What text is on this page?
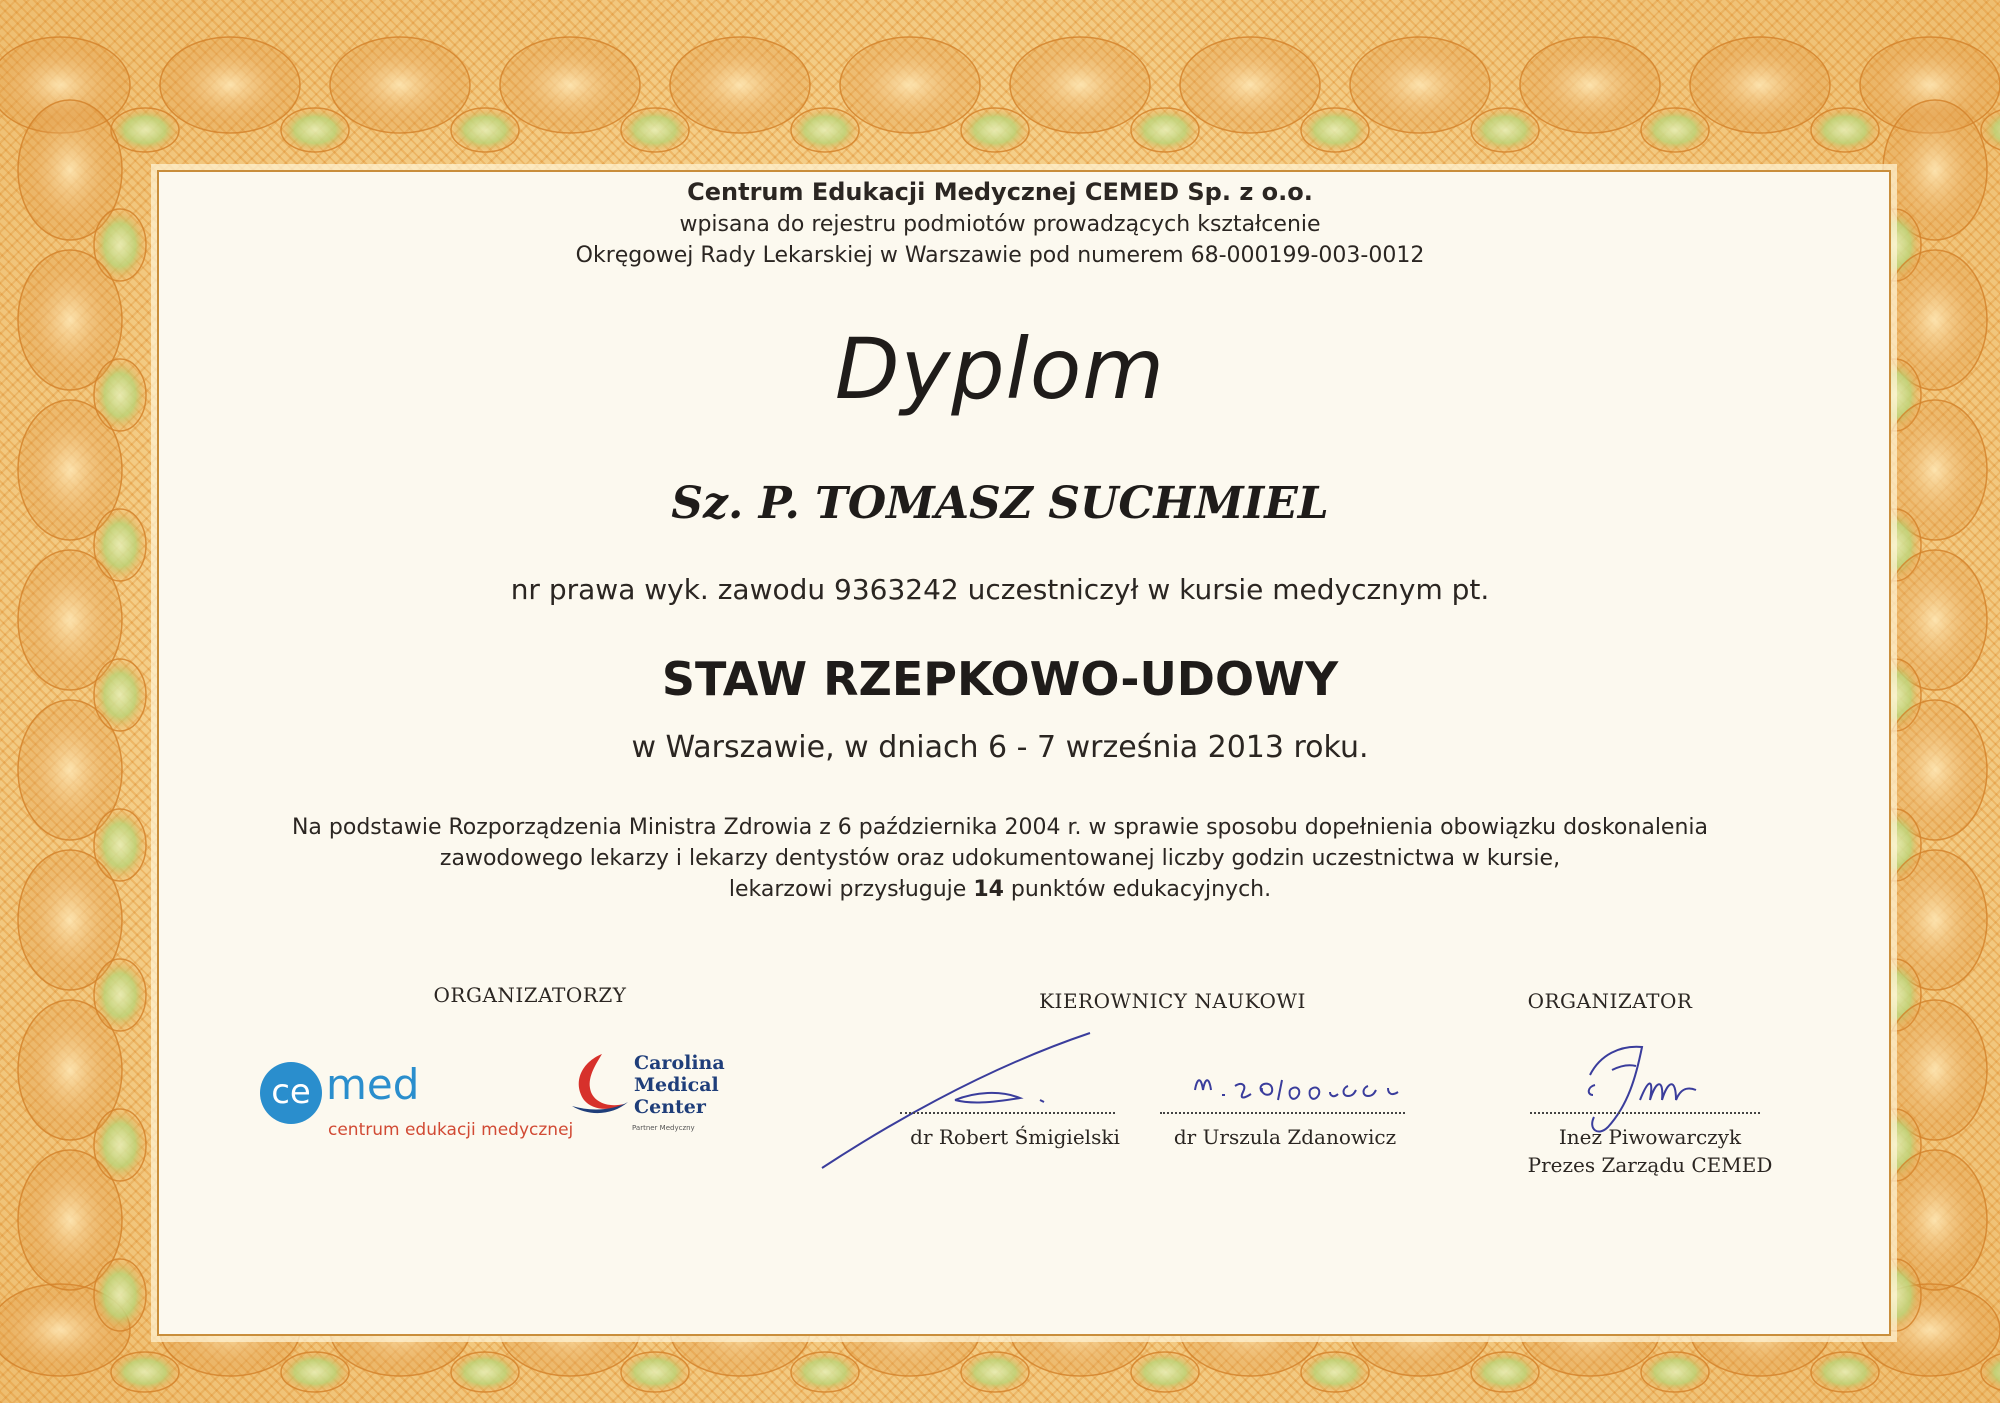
Centrum Edukacji Medycznej CEMED Sp. z o.o.
wpisana do rejestru podmiotów prowadzących kształcenie
Okręgowej Rady Lekarskiej w Warszawie pod numerem 68-000199-003-0012
Dyplom
Sz. P. TOMASZ SUCHMIEL
nr prawa wyk. zawodu 9363242 uczestniczył w kursie medycznym pt.
STAW RZEPKOWO-UDOWY
w Warszawie, w dniach 6 - 7 września 2013 roku.
Na podstawie Rozporządzenia Ministra Zdrowia z 6 października 2004 r. w sprawie sposobu dopełnienia obowiązku doskonalenia
zawodowego lekarzy i lekarzy dentystów oraz udokumentowanej liczby godzin uczestnictwa w kursie,
lekarzowi przysługuje 14 punktów edukacyjnych.
ORGANIZATORZY	KIEROWNICY NAUKOWI	ORGANIZATOR
ce med
centrum edukacji medycznej
Carolina
Medical Center
Partner Medyczny	dr Robert Śmigielski	dr Urszula Zdanowicz	Inez Piwowarczyk
Prezes Zarządu CEMED
